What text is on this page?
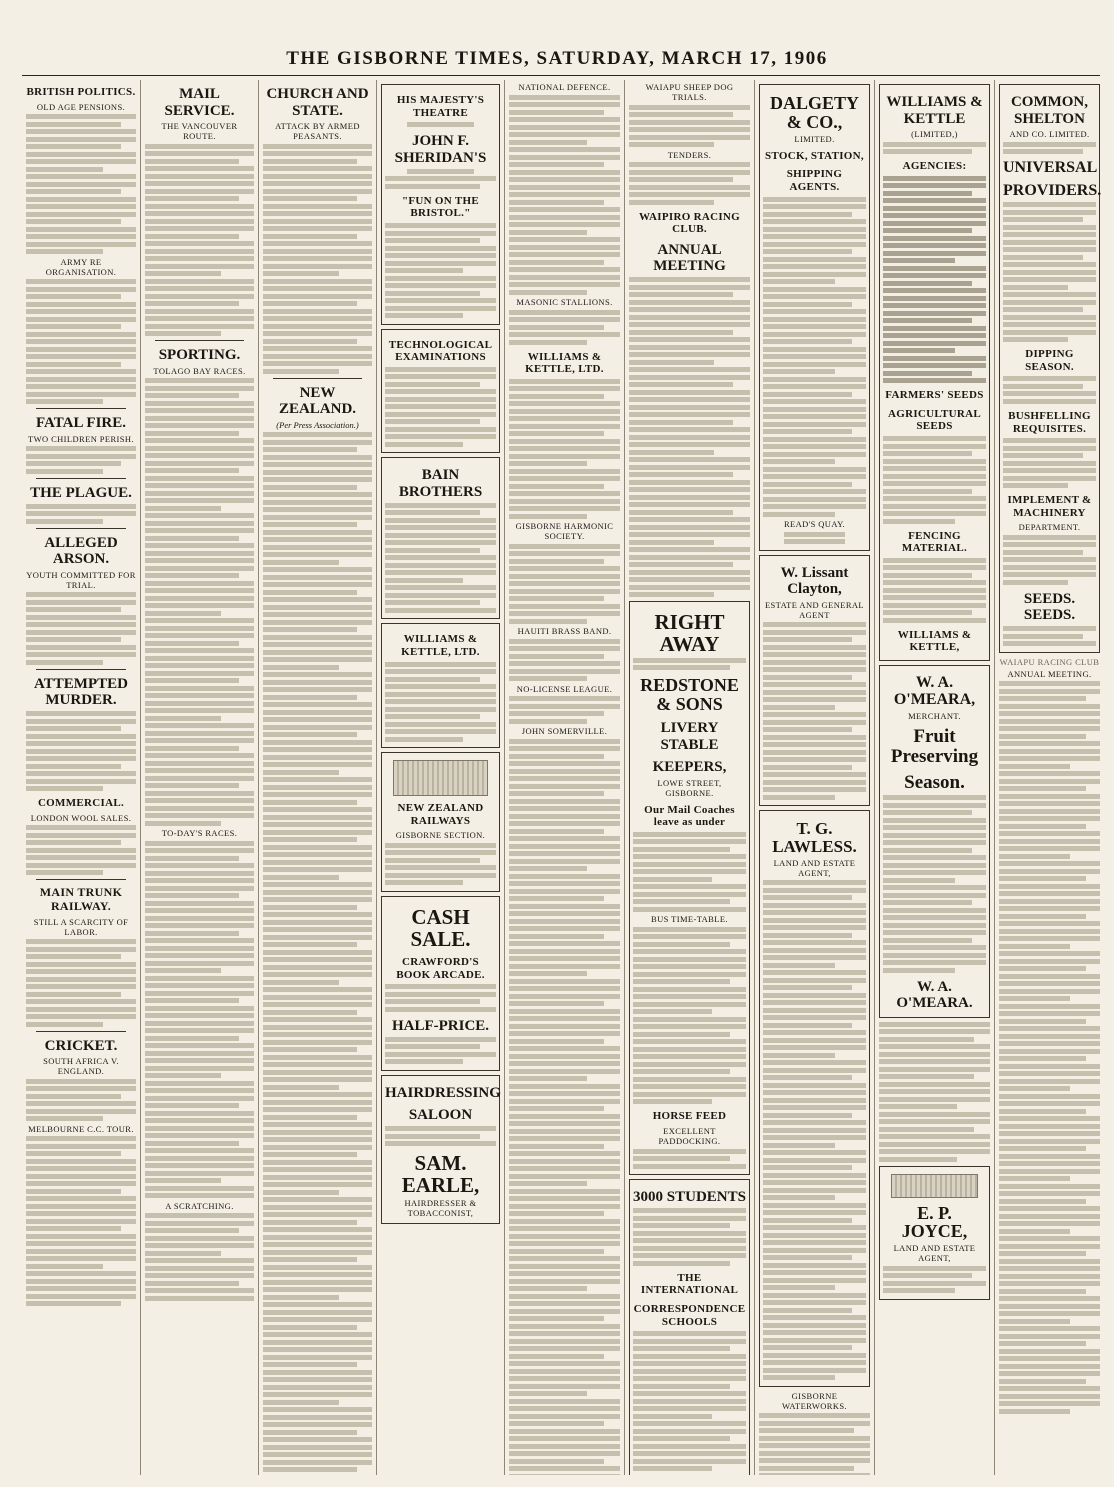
THE GISBORNE TIMES, SATURDAY, MARCH 17, 1906
BRITISH POLITICS.
OLD AGE PENSIONS.
ARMY RE ORGANISATION.
FATAL FIRE.
TWO CHILDREN PERISH.
THE PLAGUE.
ALLEGED ARSON.
YOUTH COMMITTED FOR TRIAL.
ATTEMPTED MURDER.
COMMERCIAL.
LONDON WOOL SALES.
MAIN TRUNK RAILWAY.
STILL A SCARCITY OF LABOR.
CRICKET.
SOUTH AFRICA V. ENGLAND.
MELBOURNE C.C. TOUR.
MAIL SERVICE.
THE VANCOUVER ROUTE.
SPORTING.
TOLAGO BAY RACES.
TO-DAY'S RACES.
A SCRATCHING.
CHURCH AND STATE.
ATTACK BY ARMED PEASANTS.
NEW ZEALAND.
(Per Press Association.)
HIS MAJESTY'S THEATRE
JOHN F. SHERIDAN'S
"FUN ON THE BRISTOL."
TECHNOLOGICAL EXAMINATIONS
BAIN BROTHERS
WILLIAMS & KETTLE, LTD.
NEW ZEALAND RAILWAYS
GISBORNE SECTION.
CASH SALE.
CRAWFORD'S BOOK ARCADE.
HALF-PRICE.
HAIRDRESSING
SALOON
SAM. EARLE,
HAIRDRESSER & TOBACCONIST,
NATIONAL DEFENCE.
MASONIC STALLIONS.
WILLIAMS & KETTLE, LTD.
GISBORNE HARMONIC SOCIETY.
HAUITI BRASS BAND.
NO-LICENSE LEAGUE.
JOHN SOMERVILLE.
WAIAPU SHEEP DOG TRIALS.
TENDERS.
WAIPIRO RACING CLUB.
ANNUAL MEETING
RIGHT AWAY
REDSTONE & SONS
LIVERY STABLE
KEEPERS,
LOWE STREET, GISBORNE.
Our Mail Coaches leave as under
BUS TIME-TABLE.
HORSE FEED
EXCELLENT PADDOCKING.
3000 STUDENTS
THE INTERNATIONAL
CORRESPONDENCE SCHOOLS
DALGETY & CO.,
LIMITED.
STOCK, STATION,
SHIPPING AGENTS.
READ'S QUAY.
W. Lissant Clayton,
ESTATE AND GENERAL AGENT
T. G. LAWLESS.
LAND AND ESTATE AGENT,
GISBORNE WATERWORKS.
WILLIAMS & KETTLE
(LIMITED,)
AGENCIES:
FARMERS' SEEDS
AGRICULTURAL SEEDS
FENCING MATERIAL.
WILLIAMS & KETTLE,
W. A. O'MEARA,
MERCHANT.
Fruit Preserving
Season.
W. A. O'MEARA.
E. P. JOYCE,
LAND AND ESTATE AGENT,
COMMON, SHELTON
AND CO. LIMITED.
UNIVERSAL
PROVIDERS.
DIPPING SEASON.
BUSHFELLING REQUISITES.
IMPLEMENT & MACHINERY
DEPARTMENT.
SEEDS. SEEDS.
WAIAPU RACING CLUB
ANNUAL MEETING.
